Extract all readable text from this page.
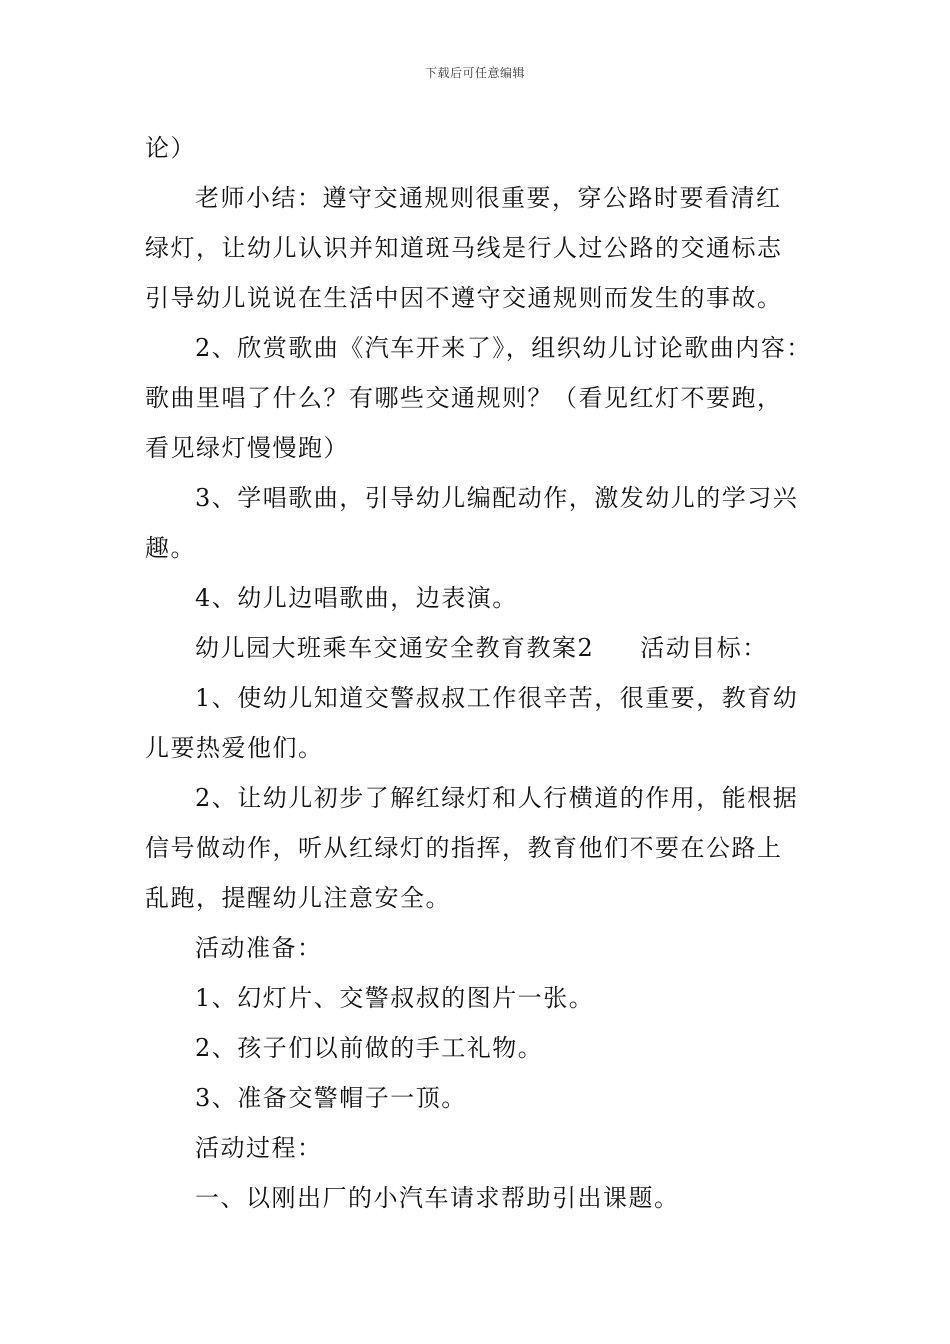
下载后可任意编辑
论）
老师小结：遵守交通规则很重要，穿公路时要看清红
绿灯，让幼儿认识并知道斑马线是行人过公路的交通标志
引导幼儿说说在生活中因不遵守交通规则而发生的事故。
2、欣赏歌曲《汽车开来了》，组织幼儿讨论歌曲内容：
歌曲里唱了什么？有哪些交通规则？（看见红灯不要跑，
看见绿灯慢慢跑）
3、学唱歌曲，引导幼儿编配动作，激发幼儿的学习兴
趣。
4、幼儿边唱歌曲，边表演。
幼儿园大班乘车交通安全教育教案2 活动目标：
1、使幼儿知道交警叔叔工作很辛苦，很重要，教育幼
儿要热爱他们。
2、让幼儿初步了解红绿灯和人行横道的作用，能根据
信号做动作，听从红绿灯的指挥，教育他们不要在公路上
乱跑，提醒幼儿注意安全。
活动准备：
1、幻灯片、交警叔叔的图片一张。
2、孩子们以前做的手工礼物。
3、准备交警帽子一顶。
活动过程：
一、以刚出厂的小汽车请求帮助引出课题。
